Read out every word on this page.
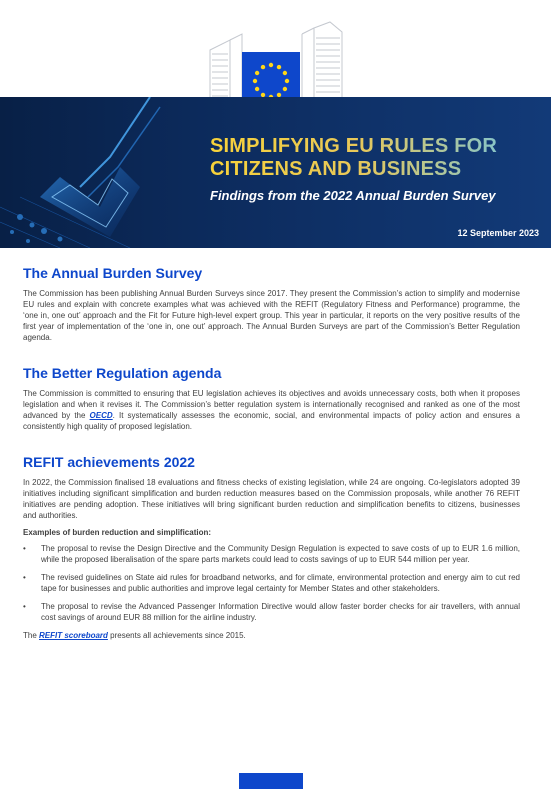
SIMPLIFYING EU RULES FOR
CITIZENS AND BUSINESS
Findings from the 2022 Annual Burden Survey
12 September 2023
The Annual Burden Survey

The Commission has been publishing Annual Burden Surveys since 2017. They present the Commission’s action to simplify and modernise EU rules and explain with concrete examples what was achieved with the REFIT (Regulatory Fitness and Performance) programme, the ‘one in, one out’ approach and the Fit for Future high-level expert group. This year in particular, it reports on the very positive results of the first year of implementation of the ‘one in, one out’ approach. The Annual Burden Surveys are part of the Commission’s Better Regulation agenda.

The Better Regulation agenda

The Commission is committed to ensuring that EU legislation achieves its objectives and avoids unnecessary costs, both when it proposes legislation and when it revises it. The Commission’s better regulation system is internationally recognised and ranked as one of the most advanced by the OECD. It systematically assesses the economic, social, and environmental impacts of policy action and ensures a consistently high quality of proposed legislation.

REFIT achievements 2022

In 2022, the Commission finalised 18 evaluations and fitness checks of existing legislation, while 24 are ongoing. Co-legislators adopted 39 initiatives including significant simplification and burden reduction measures based on the Commission proposals, while another 76 REFIT initiatives are pending adoption. These initiatives will bring significant burden reduction and simplification benefits to citizens, businesses and authorities.

Examples of burden reduction and simplification:
• The proposal to revise the Design Directive and the Community Design Regulation is expected to save costs of up to EUR 1.6 million, while the proposed liberalisation of the spare parts markets could lead to costs savings of up to EUR 544 million per year.
• The revised guidelines on State aid rules for broadband networks, and for climate, environmental protection and energy aim to cut red tape for businesses and public authorities and improve legal certainty for Member States and other stakeholders.
• The proposal to revise the Advanced Passenger Information Directive would allow faster border checks for air travellers, with annual cost savings of around EUR 88 million for the airline industry.

The REFIT scoreboard presents all achievements since 2015.
